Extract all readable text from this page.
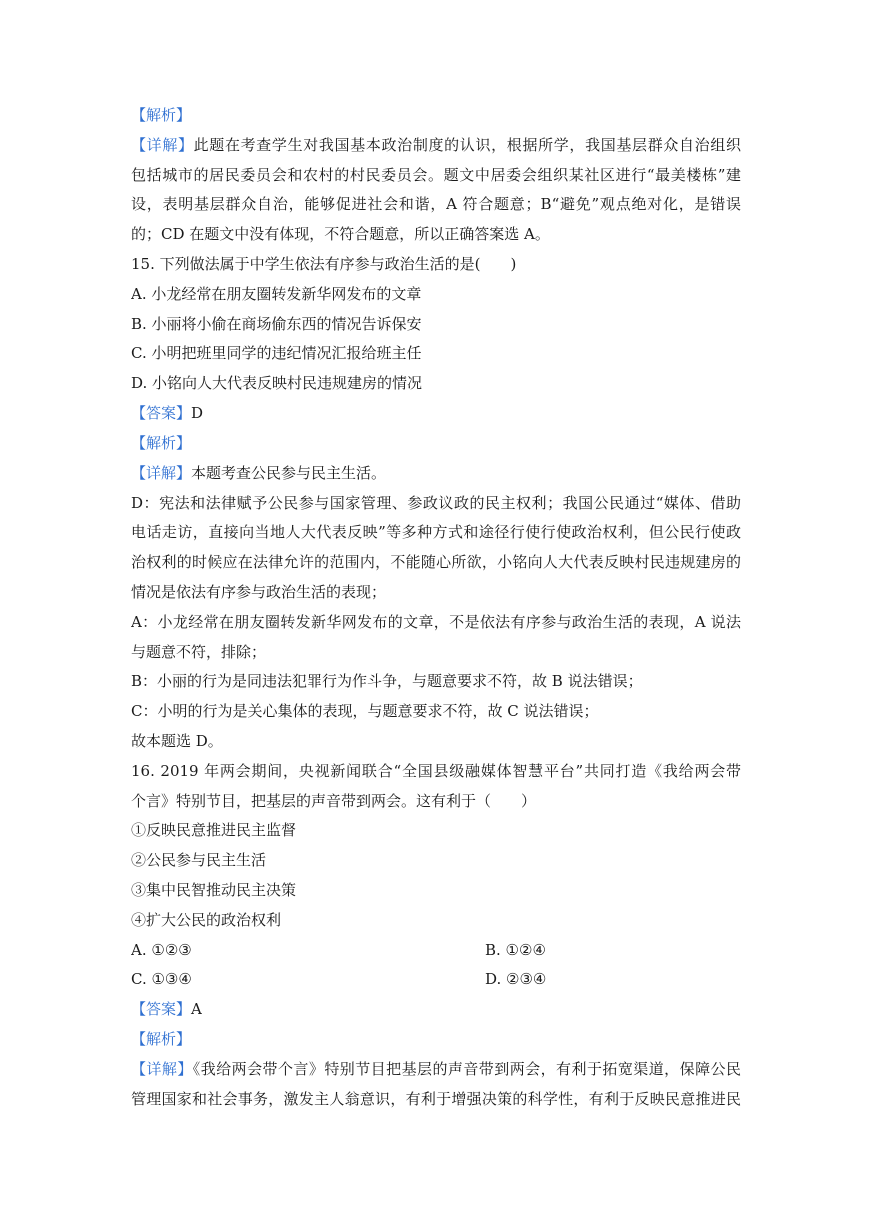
【解析】
【详解】此题在考查学生对我国基本政治制度的认识，根据所学，我国基层群众自治组织
包括城市的居民委员会和农村的村民委员会。题文中居委会组织某社区进行“最美楼栋”建
设，表明基层群众自治，能够促进社会和谐，A 符合题意；B“避免”观点绝对化，是错误
的；CD 在题文中没有体现，不符合题意，所以正确答案选 A。
15. 下列做法属于中学生依法有序参与政治生活的是(　　)
A. 小龙经常在朋友圈转发新华网发布的文章
B. 小丽将小偷在商场偷东西的情况告诉保安
C. 小明把班里同学的违纪情况汇报给班主任
D. 小铭向人大代表反映村民违规建房的情况
【答案】D
【解析】
【详解】本题考查公民参与民主生活。
D：宪法和法律赋予公民参与国家管理、参政议政的民主权利；我国公民通过“媒体、借助
电话走访，直接向当地人大代表反映”等多种方式和途径行使行使政治权利，但公民行使政
治权利的时候应在法律允许的范围内，不能随心所欲，小铭向人大代表反映村民违规建房的
情况是依法有序参与政治生活的表现；
A：小龙经常在朋友圈转发新华网发布的文章，不是依法有序参与政治生活的表现，A 说法
与题意不符，排除；
B：小丽的行为是同违法犯罪行为作斗争，与题意要求不符，故 B 说法错误；
C：小明的行为是关心集体的表现，与题意要求不符，故 C 说法错误；
故本题选 D。
16. 2019 年两会期间，央视新闻联合“全国县级融媒体智慧平台”共同打造《我给两会带
个言》特别节目，把基层的声音带到两会。这有利于（　　）
①反映民意推进民主监督
②公民参与民主生活
③集中民智推动民主决策
④扩大公民的政治权利
A. ①②③	B. ①②④
C. ①③④	D. ②③④
【答案】A
【解析】
【详解】《我给两会带个言》特别节目把基层的声音带到两会，有利于拓宽渠道，保障公民
管理国家和社会事务，激发主人翁意识，有利于增强决策的科学性，有利于反映民意推进民
